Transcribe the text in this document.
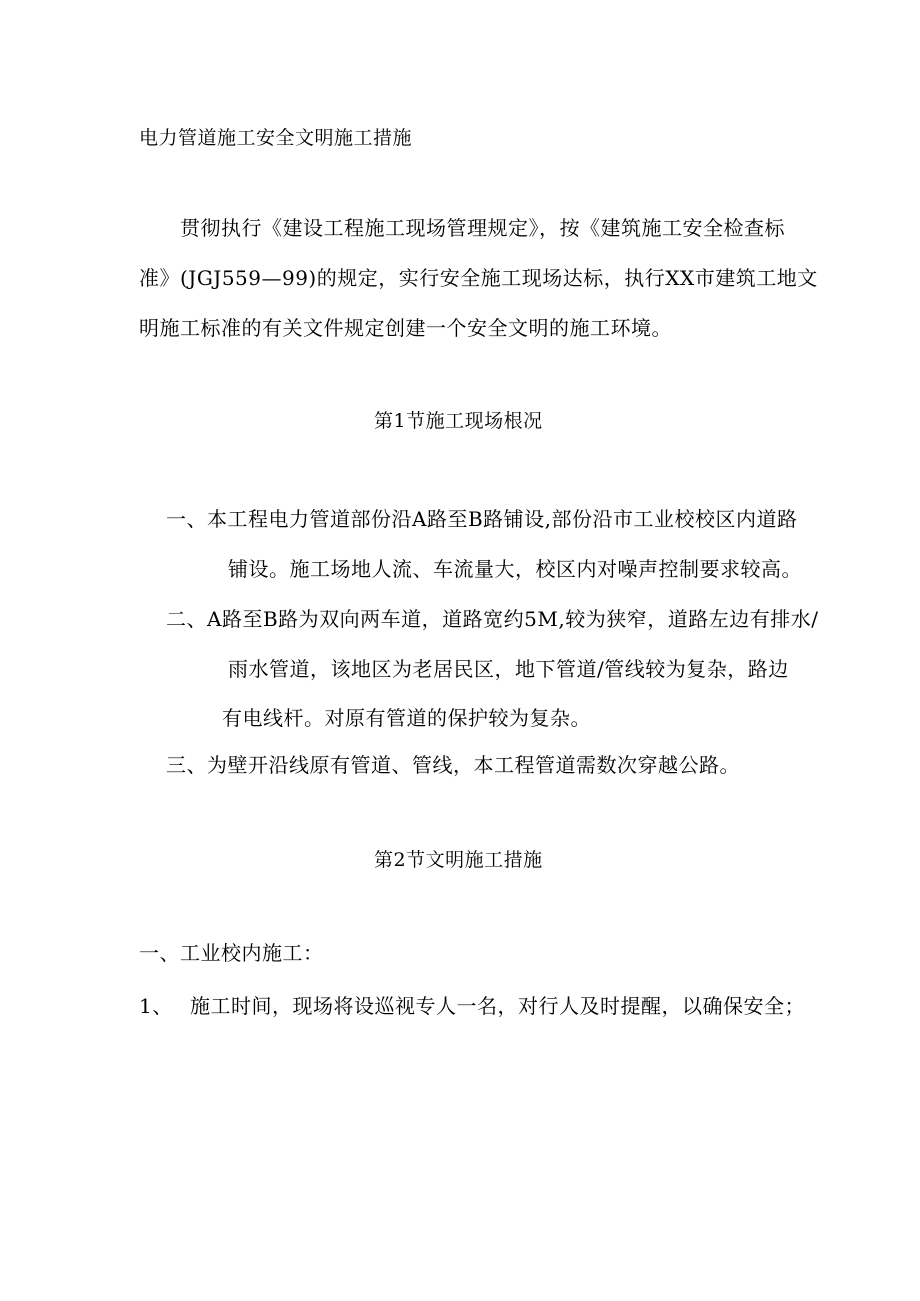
电力管道施工安全文明施工措施
贯彻执行《建设工程施工现场管理规定》，按《建筑施工安全检查标
准》(JGJ559—99)的规定，实行安全施工现场达标，执行XX市建筑工地文
明施工标准的有关文件规定创建一个安全文明的施工环境。
第1节施工现场根况
一、本工程电力管道部份沿A路至B路铺设,部份沿市工业校校区内道路
铺设。施工场地人流、车流量大，校区内对噪声控制要求较高。
二、A路至B路为双向两车道，道路宽约5M,较为狭窄，道路左边有排水/
雨水管道，该地区为老居民区，地下管道/管线较为复杂，路边
有电线杆。对原有管道的保护较为复杂。
三、为壁开沿线原有管道、管线，本工程管道需数次穿越公路。
第2节文明施工措施
一、工业校内施工：
1、 施工时间，现场将设巡视专人一名，对行人及时提醒，以确保安全；
